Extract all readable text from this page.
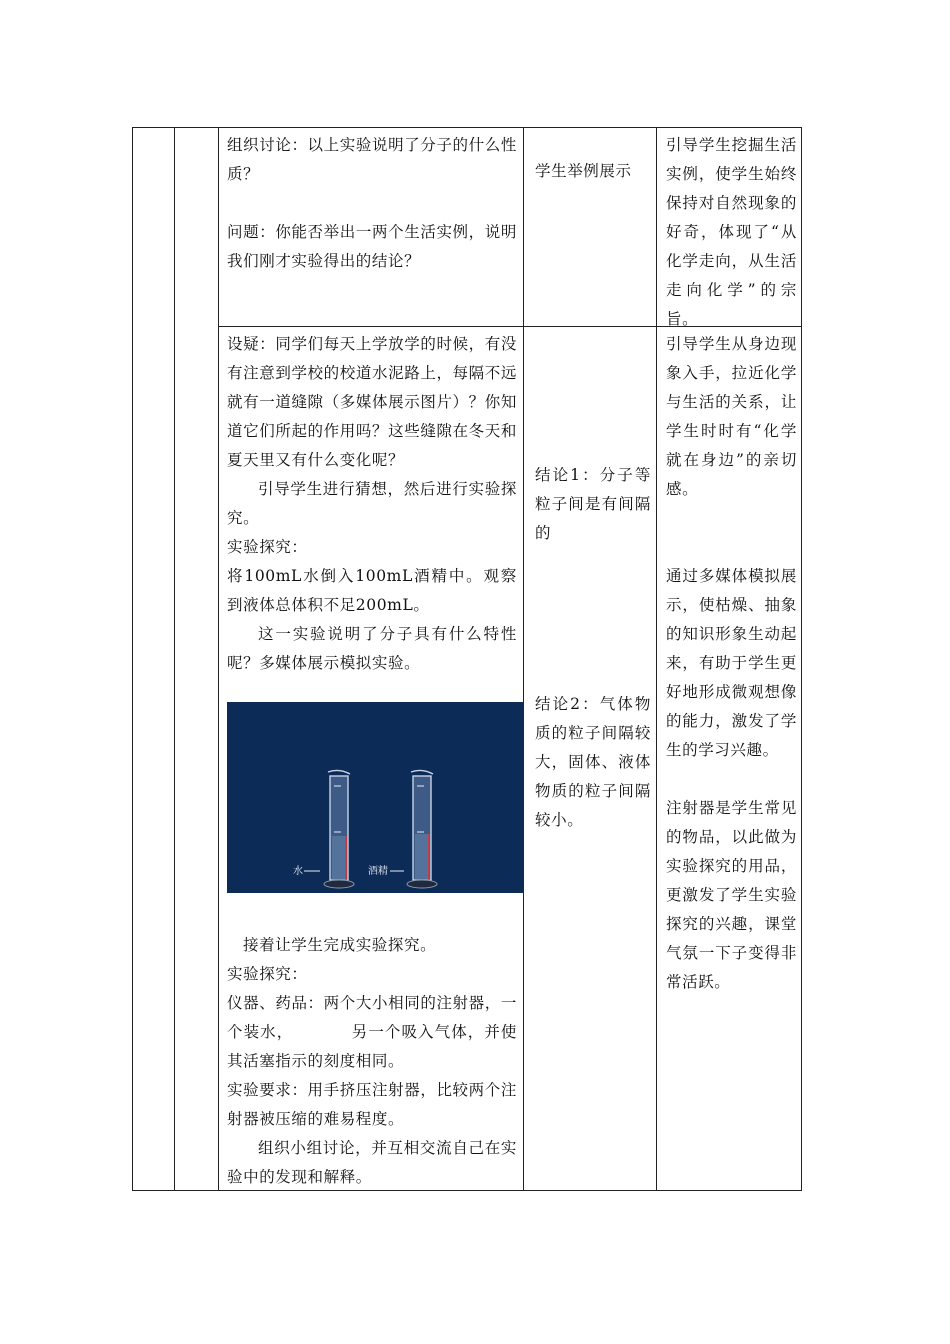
组织讨论：以上实验说明了分子的什么性质？

问题：你能否举出一两个生活实例，说明我们刚才实验得出的结论？

学生举例展示
引导学生挖掘生活实例，使学生始终保持对自然现象的好奇，体现了“从化学走向，从生活走向化学”的宗旨。

设疑：同学们每天上学放学的时候，有没有注意到学校的校道水泥路上，每隔不远就有一道缝隙（多媒体展示图片）？你知道它们所起的作用吗？这些缝隙在冬天和夏天里又有什么变化呢？

引导学生进行猜想，然后进行实验探究。

实验探究：

将100mL水倒入100mL酒精中。观察到液体总体积不足200mL。

这一实验说明了分子具有什么特性呢？多媒体展示模拟实验。

水	酒精

接着让学生完成实验探究。

实验探究：

仪器、药品：两个大小相同的注射器，一个装水，　　　　另一个吸入气体，并使其活塞指示的刻度相同。

实验要求：用手挤压注射器，比较两个注射器被压缩的难易程度。

组织小组讨论，并互相交流自己在实验中的发现和解释。

结论1：分子等粒子间是有间隔的
结论2：气体物质的粒子间隔较大，固体、液体物质的粒子间隔较小。

引导学生从身边现象入手，拉近化学与生活的关系，让学生时时有“化学就在身边”的亲切感。

通过多媒体模拟展示，使枯燥、抽象的知识形象生动起来，有助于学生更好地形成微观想像的能力，激发了学生的学习兴趣。

注射器是学生常见的物品，以此做为实验探究的用品，更激发了学生实验探究的兴趣，课堂气氛一下子变得非常活跃。
